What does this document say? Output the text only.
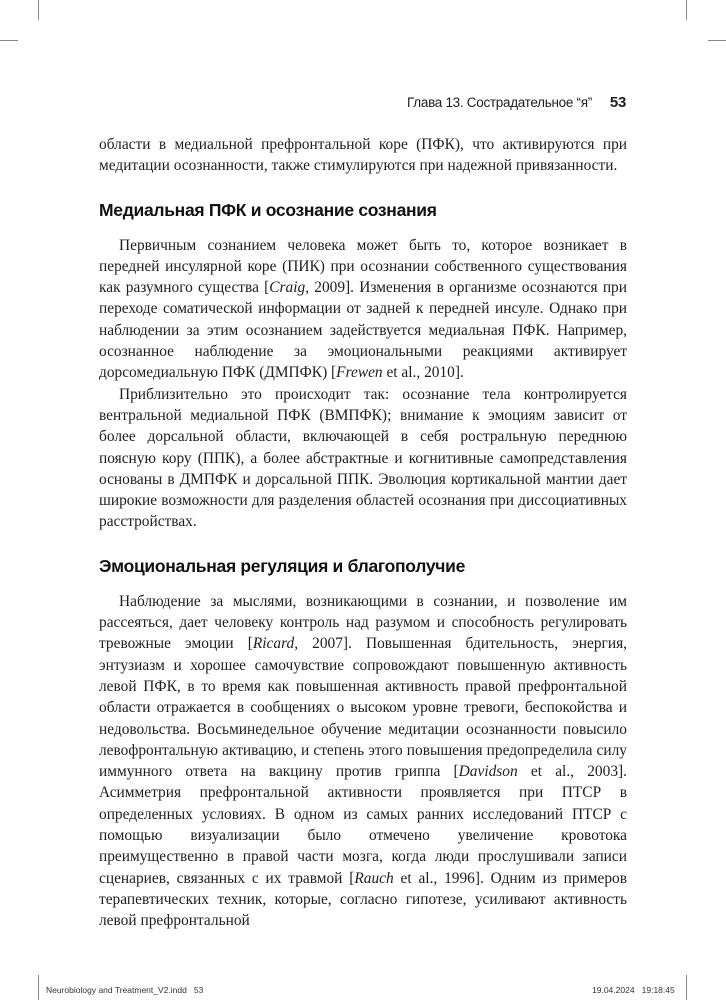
Глава 13. Сострадательное “я” 53

области в медиальной префронтальной коре (ПФК), что активируются при медитации осознанности, также стимулируются при надежной привязанности.

Медиальная ПФК и осознание сознания

Первичным сознанием человека может быть то, которое возникает в передней инсулярной коре (ПИК) при осознании собственного существования как разумного существа [Craig, 2009]. Изменения в организме осознаются при переходе соматической информации от задней к передней инсуле. Однако при наблюдении за этим осознанием задействуется медиальная ПФК. Например, осознанное наблюдение за эмоциональными реакциями активирует дорсомедиальную ПФК (ДМПФК) [Frewen et al., 2010].

Приблизительно это происходит так: осознание тела контролируется вентральной медиальной ПФК (ВМПФК); внимание к эмоциям зависит от более дорсальной области, включающей в себя ростральную переднюю поясную кору (ППК), а более абстрактные и когнитивные самопредставления основаны в ДМПФК и дорсальной ППК. Эволюция кортикальной мантии дает широкие возможности для разделения областей осознания при диссоциативных расстройствах.

Эмоциональная регуляция и благополучие

Наблюдение за мыслями, возникающими в сознании, и позволение им рассеяться, дает человеку контроль над разумом и способность регулировать тревожные эмоции [Ricard, 2007]. Повышенная бдительность, энергия, энтузиазм и хорошее самочувствие сопровождают повышенную активность левой ПФК, в то время как повышенная активность правой префронтальной области отражается в сообщениях о высоком уровне тревоги, беспокойства и недовольства. Восьминедельное обучение медитации осознанности повысило левофронтальную активацию, и степень этого повышения предопределила силу иммунного ответа на вакцину против гриппа [Davidson et al., 2003]. Асимметрия префронтальной активности проявляется при ПТСР в определенных условиях. В одном из самых ранних исследований ПТСР с помощью визуализации было отмечено увеличение кровотока преимущественно в правой части мозга, когда люди прослушивали записи сценариев, связанных с их травмой [Rauch et al., 1996]. Одним из примеров терапевтических техник, которые, согласно гипотезе, усиливают активность левой префронтальной

Neurobiology and Treatment_V2.indd 53	19.04.2024 19:18:45
